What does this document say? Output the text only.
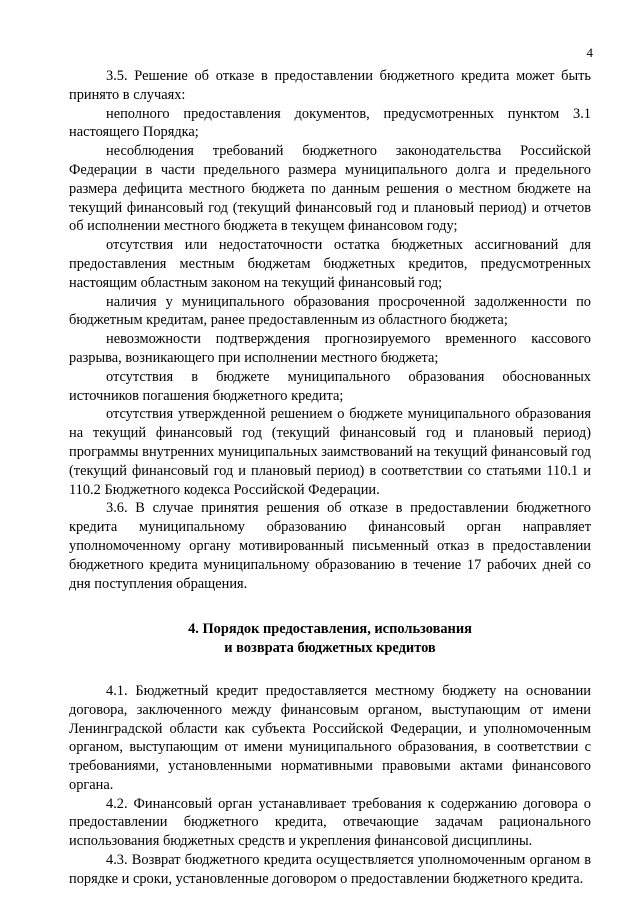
4

3.5. Решение об отказе в предоставлении бюджетного кредита может быть принято в случаях:

неполного предоставления документов, предусмотренных пунктом 3.1 настоящего Порядка;

несоблюдения требований бюджетного законодательства Российской Федерации в части предельного размера муниципального долга и предельного размера дефицита местного бюджета по данным решения о местном бюджете на текущий финансовый год (текущий финансовый год и плановый период) и отчетов об исполнении местного бюджета в текущем финансовом году;

отсутствия или недостаточности остатка бюджетных ассигнований для предоставления местным бюджетам бюджетных кредитов, предусмотренных настоящим областным законом на текущий финансовый год;

наличия у муниципального образования просроченной задолженности по бюджетным кредитам, ранее предоставленным из областного бюджета;

невозможности подтверждения прогнозируемого временного кассового разрыва, возникающего при исполнении местного бюджета;

отсутствия в бюджете муниципального образования обоснованных источников погашения бюджетного кредита;

отсутствия утвержденной решением о бюджете муниципального образования на текущий финансовый год (текущий финансовый год и плановый период) программы внутренних муниципальных заимствований на текущий финансовый год (текущий финансовый год и плановый период) в соответствии со статьями 110.1 и 110.2 Бюджетного кодекса Российской Федерации.

3.6. В случае принятия решения об отказе в предоставлении бюджетного кредита муниципальному образованию финансовый орган направляет уполномоченному органу мотивированный письменный отказ в предоставлении бюджетного кредита муниципальному образованию в течение 17 рабочих дней со дня поступления обращения.

4. Порядок предоставления, использования
и возврата бюджетных кредитов

4.1. Бюджетный кредит предоставляется местному бюджету на основании договора, заключенного между финансовым органом, выступающим от имени Ленинградской области как субъекта Российской Федерации, и уполномоченным органом, выступающим от имени муниципального образования, в соответствии с требованиями, установленными нормативными правовыми актами финансового органа.

4.2. Финансовый орган устанавливает требования к содержанию договора о предоставлении бюджетного кредита, отвечающие задачам рационального использования бюджетных средств и укрепления финансовой дисциплины.

4.3. Возврат бюджетного кредита осуществляется уполномоченным органом в порядке и сроки, установленные договором о предоставлении бюджетного кредита.
